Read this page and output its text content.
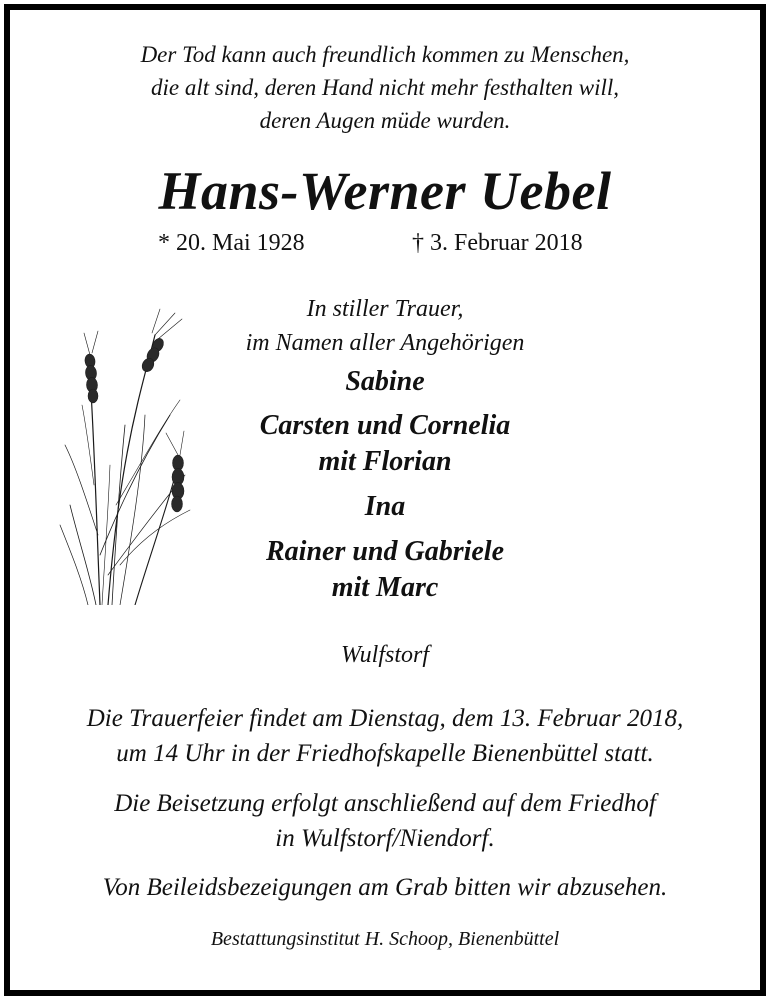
Der Tod kann auch freundlich kommen zu Menschen,
die alt sind, deren Hand nicht mehr festhalten will,
deren Augen müde wurden.
Hans-Werner Uebel
* 20. Mai 1928	† 3. Februar 2018
In stiller Trauer,
im Namen aller Angehörigen
Sabine
Carsten und Cornelia
mit Florian
Ina
Rainer und Gabriele
mit Marc
Wulfstorf
Die Trauerfeier findet am Dienstag, dem 13. Februar 2018,
um 14 Uhr in der Friedhofskapelle Bienenbüttel statt.
Die Beisetzung erfolgt anschließend auf dem Friedhof
in Wulfstorf/Niendorf.
Von Beileidsbezeigungen am Grab bitten wir abzusehen.
Bestattungsinstitut H. Schoop, Bienenbüttel
